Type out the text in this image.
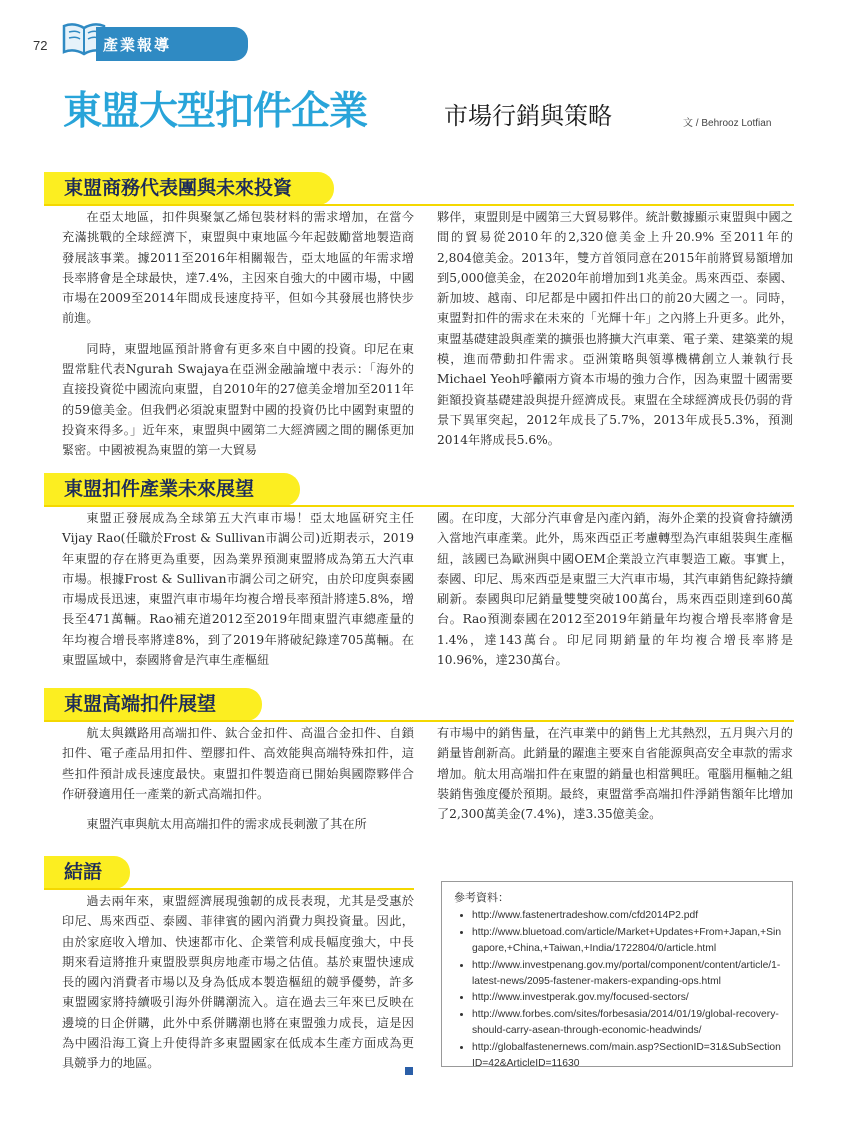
72	產業報導
東盟大型扣件企業	市場行銷與策略	文 / Behrooz Lotfian
東盟商務代表團與未來投資

在亞太地區，扣件與聚氯乙烯包裝材料的需求增加，在當今充滿挑戰的全球經濟下，東盟與中東地區今年起鼓勵當地製造商發展該事業。據2011至2016年相關報告，亞太地區的年需求增長率將會是全球最快，達7.4%，主因來自強大的中國市場，中國市場在2009至2014年間成長速度持平，但如今其發展也將快步前進。

同時，東盟地區預計將會有更多來自中國的投資。印尼在東盟常駐代表Ngurah Swajaya在亞洲金融論壇中表示：「海外的直接投資從中國流向東盟，自2010年的27億美金增加至2011年的59億美金。但我們必須說東盟對中國的投資仍比中國對東盟的投資來得多。」近年來，東盟與中國第二大經濟國之間的關係更加緊密。中國被視為東盟的第一大貿易

夥伴，東盟則是中國第三大貿易夥伴。統計數據顯示東盟與中國之間的貿易從2010年的2,320億美金上升20.9% 至2011年的2,804億美金。2013年，雙方首領同意在2015年前將貿易額增加到5,000億美金，在2020年前增加到1兆美金。馬來西亞、泰國、新加坡、越南、印尼都是中國扣件出口的前20大國之一。同時，東盟對扣件的需求在未來的「光輝十年」之內將上升更多。此外，東盟基礎建設與產業的擴張也將擴大汽車業、電子業、建築業的規模，進而帶動扣件需求。亞洲策略與領導機構創立人兼執行長Michael Yeoh呼籲兩方資本市場的強力合作，因為東盟十國需要鉅額投資基礎建設與提升經濟成長。東盟在全球經濟成長仍弱的背景下異軍突起，2012年成長了5.7%，2013年成長5.3%，預測2014年將成長5.6%。

東盟扣件產業未來展望

東盟正發展成為全球第五大汽車市場！亞太地區研究主任Vijay Rao(任職於Frost & Sullivan市調公司)近期表示，2019年東盟的存在將更為重要，因為業界預測東盟將成為第五大汽車市場。根據Frost & Sullivan市調公司之研究，由於印度與泰國市場成長迅速，東盟汽車市場年均複合增長率預計將達5.8%，增長至471萬輛。Rao補充道2012至2019年間東盟汽車總產量的年均複合增長率將達8%，到了2019年將破紀錄達705萬輛。在東盟區域中，泰國將會是汽車生產樞紐

國。在印度，大部分汽車會是內產內銷，海外企業的投資會持續湧入當地汽車產業。此外，馬來西亞正考慮轉型為汽車組裝與生產樞紐，該國已為歐洲與中國OEM企業設立汽車製造工廠。事實上，泰國、印尼、馬來西亞是東盟三大汽車市場，其汽車銷售紀錄持續刷新。泰國與印尼銷量雙雙突破100萬台，馬來西亞則達到60萬台。Rao預測泰國在2012至2019年銷量年均複合增長率將會是1.4%，達143萬台。印尼同期銷量的年均複合增長率將是10.96%，達230萬台。

東盟高端扣件展望

航太與鐵路用高端扣件、鈦合金扣件、高溫合金扣件、自鎖扣件、電子產品用扣件、塑膠扣件、高效能與高端特殊扣件，這些扣件預計成長速度最快。東盟扣件製造商已開始與國際夥伴合作研發適用任一產業的新式高端扣件。

東盟汽車與航太用高端扣件的需求成長刺激了其在所

有市場中的銷售量，在汽車業中的銷售上尤其熱烈，五月與六月的銷量皆創新高。此銷量的躍進主要來自省能源與高安全車款的需求增加。航太用高端扣件在東盟的銷量也相當興旺。電腦用樞軸之組裝銷售強度優於預期。最終，東盟當季高端扣件淨銷售額年比增加了2,300萬美金(7.4%)，達3.35億美金。

結語

過去兩年來，東盟經濟展現強韌的成長表現，尤其是受惠於印尼、馬來西亞、泰國、菲律賓的國內消費力與投資量。因此，由於家庭收入增加、快速都市化、企業管利成長幅度強大，中長期來看這將推升東盟股票與房地產市場之估值。基於東盟快速成長的國內消費者市場以及身為低成本製造樞紐的競爭優勢，許多東盟國家將持續吸引海外併購潮流入。這在過去三年來已反映在邊境的日企併購，此外中系併購潮也將在東盟強力成長，這是因為中國沿海工資上升使得許多東盟國家在低成本生產方面成為更具競爭力的地區。

參考資料：
• http://www.fastenertradeshow.com/cfd2014P2.pdf
• http://www.bluetoad.com/article/Market+Updates+From+Japan,+Singapore,+China,+Taiwan,+India/1722804/0/article.html
• http://www.investpenang.gov.my/portal/component/content/article/1-latest-news/2095-fastener-makers-expanding-ops.html
• http://www.investperak.gov.my/focused-sectors/
• http://www.forbes.com/sites/forbesasia/2014/01/19/global-recovery-should-carry-asean-through-economic-headwinds/
• http://globalfastenernews.com/main.asp?SectionID=31&SubSectionID=42&ArticleID=11630
